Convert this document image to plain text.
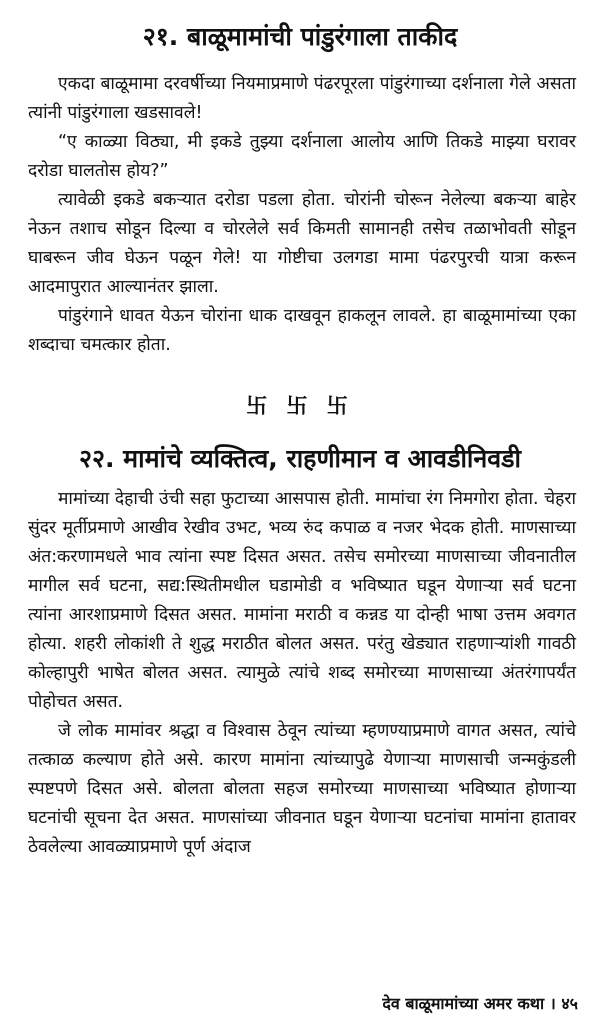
२१. बाळूमामांची पांडुरंगाला ताकीद

एकदा बाळूमामा दरवर्षीच्या नियमाप्रमाणे पंढरपूरला पांडुरंगाच्या दर्शनाला गेले असता त्यांनी पांडुरंगाला खडसावले!

“ए काळ्या विठ्या, मी इकडे तुझ्या दर्शनाला आलोय आणि तिकडे माझ्या घरावर दरोडा घालतोस होय?”

त्यावेळी इकडे बकऱ्यात दरोडा पडला होता. चोरांनी चोरून नेलेल्या बकऱ्या बाहेर नेऊन तशाच सोडून दिल्या व चोरलेले सर्व किमती सामानही तसेच तळाभोवती सोडून घाबरून जीव घेऊन पळून गेले! या गोष्टीचा उलगडा मामा पंढरपुरची यात्रा करून आदमापुरात आल्यानंतर झाला.

पांडुरंगाने धावत येऊन चोरांना धाक दाखवून हाकलून लावले. हा बाळूमामांच्या एका शब्दाचा चमत्कार होता.

卐 卐 卐
२२. मामांचे व्यक्तित्व, राहणीमान व आवडीनिवडी

मामांच्या देहाची उंची सहा फुटाच्या आसपास होती. मामांचा रंग निमगोरा होता. चेहरा सुंदर मूर्तीप्रमाणे आखीव रेखीव उभट, भव्य रुंद कपाळ व नजर भेदक होती. माणसाच्या अंत:करणामधले भाव त्यांना स्पष्ट दिसत असत. तसेच समोरच्या माणसाच्या जीवनातील मागील सर्व घटना, सद्य:स्थितीमधील घडामोडी व भविष्यात घडून येणाऱ्या सर्व घटना त्यांना आरशाप्रमाणे दिसत असत. मामांना मराठी व कन्नड या दोन्ही भाषा उत्तम अवगत होत्या. शहरी लोकांशी ते शुद्ध मराठीत बोलत असत. परंतु खेड्यात राहणाऱ्यांशी गावठी कोल्हापुरी भाषेत बोलत असत. त्यामुळे त्यांचे शब्द समोरच्या माणसाच्या अंतरंगापर्यंत पोहोचत असत.

जे लोक मामांवर श्रद्धा व विश्वास ठेवून त्यांच्या म्हणण्याप्रमाणे वागत असत, त्यांचे तत्काळ कल्याण होते असे. कारण मामांना त्यांच्यापुढे येणाऱ्या माणसाची जन्मकुंडली स्पष्टपणे दिसत असे. बोलता बोलता सहज समोरच्या माणसाच्या भविष्यात होणाऱ्या घटनांची सूचना देत असत. माणसांच्या जीवनात घडून येणाऱ्या घटनांचा मामांना हातावर ठेवलेल्या आवळ्याप्रमाणे पूर्ण अंदाज

देव बाळूमामांच्या अमर कथा । ४५
